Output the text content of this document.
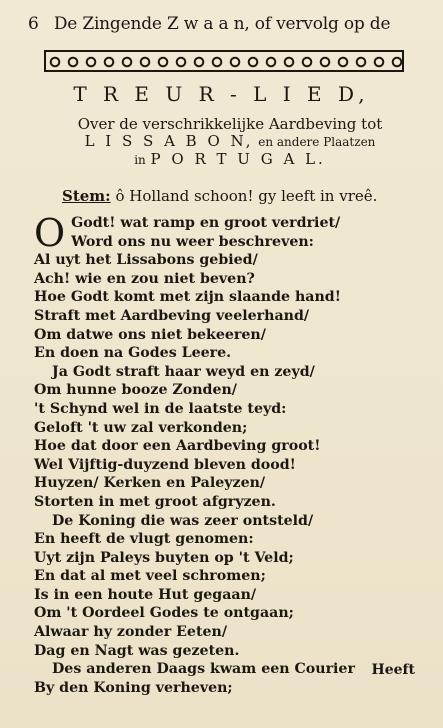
6 De Zingende Z w a a n, of vervolg op de
T R E U R - L I E D,
Over de verschrikkelijke Aardbeving tot
L I S S A B O N, en andere Plaatzen
in P O R T U G A L.
Stem: ô Holland schoon! gy leeft in vreê.
O Godt! wat ramp en groot verdriet/
Word ons nu weer beschreven:
Al uyt het Lissabons gebied/
Ach! wie en zou niet beven?
Hoe Godt komt met zijn slaande hand!
Straft met Aardbeving veelerhand/
Om datwe ons niet bekeeren/
En doen na Godes Leere.
Ja Godt straft haar weyd en zeyd/
Om hunne booze Zonden/
't Schynd wel in de laatste teyd:
Geloft 't uw zal verkonden;
Hoe dat door een Aardbeving groot!
Wel Vijftig-duyzend bleven dood!
Huyzen/ Kerken en Paleyzen/
Storten in met groot afgryzen.
De Koning die was zeer ontsteld/
En heeft de vlugt genomen:
Uyt zijn Paleys buyten op 't Veld;
En dat al met veel schromen;
Is in een houte Hut gegaan/
Om 't Oordeel Godes te ontgaan;
Alwaar hy zonder Eeten/
Dag en Nagt was gezeten.
Des anderen Daags kwam een Courier
By den Koning verheven;
Heeft
